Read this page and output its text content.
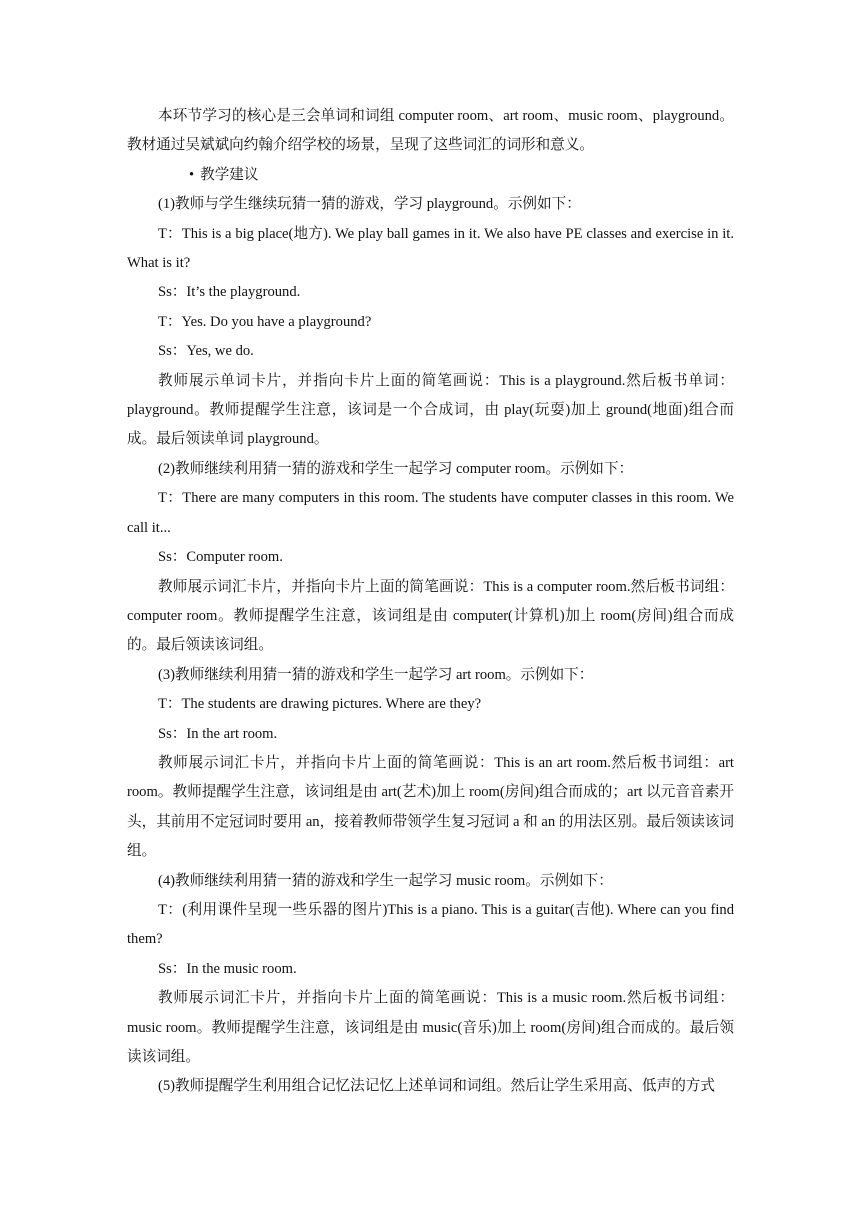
本环节学习的核心是三会单词和词组 computer room、art room、music room、playground。教材通过吴斌斌向约翰介绍学校的场景，呈现了这些词汇的词形和意义。

• 教学建议

(1)教师与学生继续玩猜一猜的游戏，学习 playground。示例如下：

T：This is a big place(地方). We play ball games in it. We also have PE classes and exercise in it. What is it?

Ss：It’s the playground.

T：Yes. Do you have a playground?

Ss：Yes, we do.

教师展示单词卡片，并指向卡片上面的简笔画说：This is a playground.然后板书单词：playground。教师提醒学生注意，该词是一个合成词，由 play(玩耍)加上 ground(地面)组合而成。最后领读单词 playground。

(2)教师继续利用猜一猜的游戏和学生一起学习 computer room。示例如下：

T：There are many computers in this room. The students have computer classes in this room. We call it...

Ss：Computer room.

教师展示词汇卡片，并指向卡片上面的简笔画说：This is a computer room.然后板书词组：computer room。教师提醒学生注意，该词组是由 computer(计算机)加上 room(房间)组合而成的。最后领读该词组。

(3)教师继续利用猜一猜的游戏和学生一起学习 art room。示例如下：

T：The students are drawing pictures. Where are they?

Ss：In the art room.

教师展示词汇卡片，并指向卡片上面的简笔画说：This is an art room.然后板书词组：art room。教师提醒学生注意，该词组是由 art(艺术)加上 room(房间)组合而成的；art 以元音音素开头，其前用不定冠词时要用 an，接着教师带领学生复习冠词 a 和 an 的用法区别。最后领读该词组。

(4)教师继续利用猜一猜的游戏和学生一起学习 music room。示例如下：

T：(利用课件呈现一些乐器的图片)This is a piano. This is a guitar(吉他). Where can you find them?

Ss：In the music room.

教师展示词汇卡片，并指向卡片上面的简笔画说：This is a music room.然后板书词组：music room。教师提醒学生注意，该词组是由 music(音乐)加上 room(房间)组合而成的。最后领读该词组。

(5)教师提醒学生利用组合记忆法记忆上述单词和词组。然后让学生采用高、低声的方式
